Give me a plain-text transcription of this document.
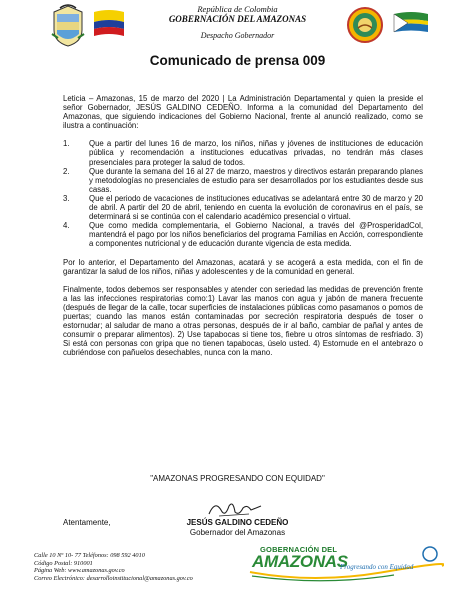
República de Colombia
GOBERNACIÓN DEL AMAZONAS
Despacho Gobernador
Comunicado de prensa 009

Leticia – Amazonas, 15 de marzo del 2020 | La Administración Departamental y quien la preside el señor Gobernador, JESÚS GALDINO CEDEÑO. Informa a la comunidad del Departamento del Amazonas, que siguiendo indicaciones del Gobierno Nacional, frente al anunció realizado, como se ilustra a continuación:

1.	Que a partir del lunes 16 de marzo, los niños, niñas y jóvenes de instituciones de educación pública y recomendación a instituciones educativas privadas, no tendrán más clases presenciales para proteger la salud de todos.
2.	Que durante la semana del 16 al 27 de marzo, maestros y directivos estarán preparando planes y metodologías no presenciales de estudio para ser desarrollados por los estudiantes desde sus casas.
3.	Que el periodo de vacaciones de instituciones educativas se adelantará entre 30 de marzo y 20 de abril. A partir del 20 de abril, teniendo en cuenta la evolución de coronavirus en el país, se determinará si se continúa con el calendario académico presencial o virtual.
4.	Que como medida complementaria, el Gobierno Nacional, a través del @ProsperidadCol, mantendrá el pago por los niños beneficiarios del programa Familias en Acción, correspondiente a componentes nutricional y de educación durante vigencia de esta medida.

Por lo anterior, el Departamento del Amazonas, acatará y se acogerá a esta medida, con el fin de garantizar la salud de los niños, niñas y adolescentes y de la comunidad en general.

Finalmente, todos debemos ser responsables y atender con seriedad las medidas de prevención frente a las las infecciones respiratorias como:1) Lavar las manos con agua y jabón de manera frecuente (después de llegar de la calle, tocar superficies de instalaciones públicas como pasamanos o pomos de puertas; cuando las manos están contaminadas por secreción respiratoria después de toser o estornudar; al saludar de mano a otras personas, después de ir al baño, cambiar de pañal y antes de consumir o preparar alimentos). 2) Use tapabocas si tiene tos, fiebre u otros síntomas de resfriado. 3) Si está con personas con gripa que no tienen tapabocas, úselo usted. 4) Estornude en el antebrazo o cubriéndose con pañuelos desechables, nunca con la mano.

"AMAZONAS PROGRESANDO CON EQUIDAD"
Atentamente,	JESÚS GALDINO CEDEÑO
Gobernador del Amazonas
Calle 10 Nº 10- 77 Teléfonos: 098 592 4010
Código Postal: 910001
Página Web: www.amazonas.gov.co
Correo Electrónico: desarrolloinstitucional@amazonas.gov.co
GOBERNACIÓN DEL
AMAZONAS
Progresando con Equidad
